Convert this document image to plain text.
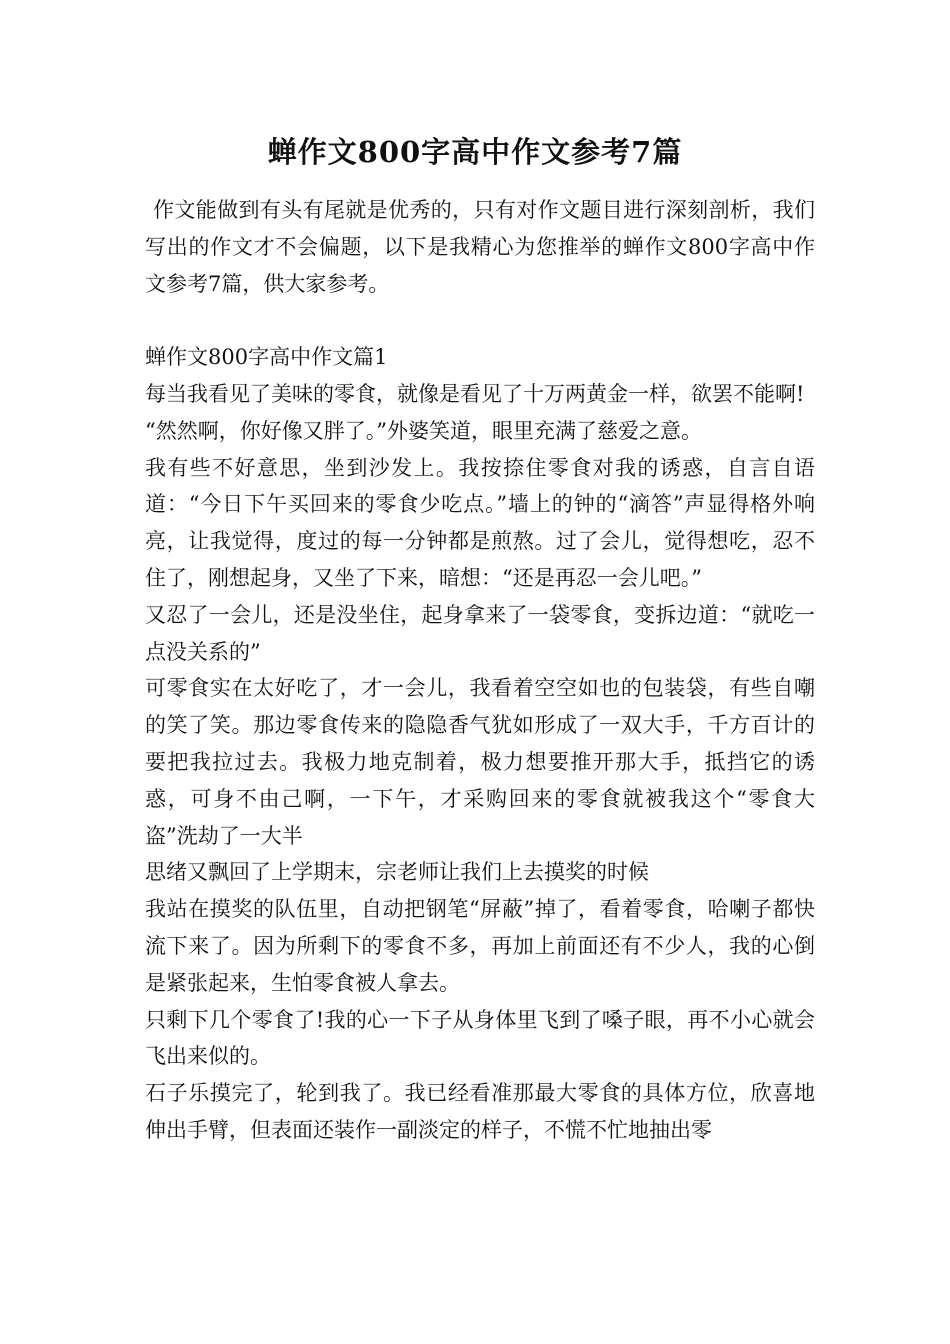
蝉作文800字高中作文参考7篇

作文能做到有头有尾就是优秀的，只有对作文题目进行深刻剖析，我们写出的作文才不会偏题，以下是我精心为您推举的蝉作文800字高中作文参考7篇，供大家参考。

蝉作文800字高中作文篇1

每当我看见了美味的零食，就像是看见了十万两黄金一样，欲罢不能啊!

“然然啊，你好像又胖了。”外婆笑道，眼里充满了慈爱之意。

我有些不好意思，坐到沙发上。我按捺住零食对我的诱惑，自言自语道：“今日下午买回来的零食少吃点。”墙上的钟的“滴答”声显得格外响亮，让我觉得，度过的每一分钟都是煎熬。过了会儿，觉得想吃，忍不住了，刚想起身，又坐了下来，暗想：“还是再忍一会儿吧。”

又忍了一会儿，还是没坐住，起身拿来了一袋零食，变拆边道：“就吃一点没关系的”

可零食实在太好吃了，才一会儿，我看着空空如也的包装袋，有些自嘲的笑了笑。那边零食传来的隐隐香气犹如形成了一双大手，千方百计的要把我拉过去。我极力地克制着，极力想要推开那大手，抵挡它的诱惑，可身不由己啊，一下午，才采购回来的零食就被我这个“零食大盗”洗劫了一大半

思绪又飘回了上学期末，宗老师让我们上去摸奖的时候

我站在摸奖的队伍里，自动把钢笔“屏蔽”掉了，看着零食，哈喇子都快流下来了。因为所剩下的零食不多，再加上前面还有不少人，我的心倒是紧张起来，生怕零食被人拿去。

只剩下几个零食了!我的心一下子从身体里飞到了嗓子眼，再不小心就会飞出来似的。

石子乐摸完了，轮到我了。我已经看准那最大零食的具体方位，欣喜地伸出手臂，但表面还装作一副淡定的样子，不慌不忙地抽出零
